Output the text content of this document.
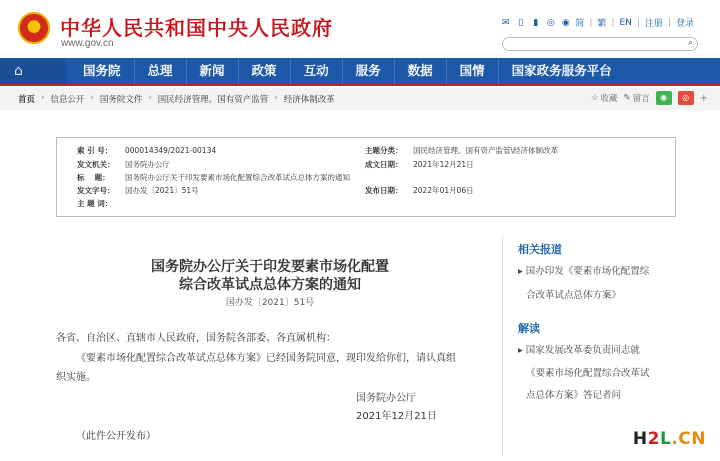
★ 中华人民共和国中央人民政府
www.gov.cn
✉ ▯	▮ ◎ ◉ 简 | 繁 | EN | 注册 | 登录
⌕
⌂	国务院	总理	新闻	政策	互动	服务	数据	国情	国家政务服务平台
首页 › 信息公开 › 国务院文件 › 国民经济管理、国有资产监管 › 经济体制改革	☆ 收藏 ✎ 留言	◉	◎	+
索 引 号： 000014349/2021-00134	主题分类： 国民经济管理、国有资产监管\经济体制改革
发文机关： 国务院办公厅	成文日期： 2021年12月21日
标　 题： 国务院办公厅关于印发要素市场化配置综合改革试点总体方案的通知
发文字号： 国办发〔2021〕51号	发布日期： 2022年01月06日
主 题 词：
国务院办公厅关于印发要素市场化配置
综合改革试点总体方案的通知
国办发〔2021〕51号
各省、自治区、直辖市人民政府，国务院各部委、各直属机构：
《要素市场化配置综合改革试点总体方案》已经国务院同意，现印发给你们，请认真组
织实施。
国务院办公厅
2021年12月21日
（此件公开发布）
相关报道
▸ 国办印发《要素市场化配置综
合改革试点总体方案》
解读
▸ 国家发展改革委负责同志就
《要素市场化配置综合改革试
点总体方案》答记者问
H2L.CN
